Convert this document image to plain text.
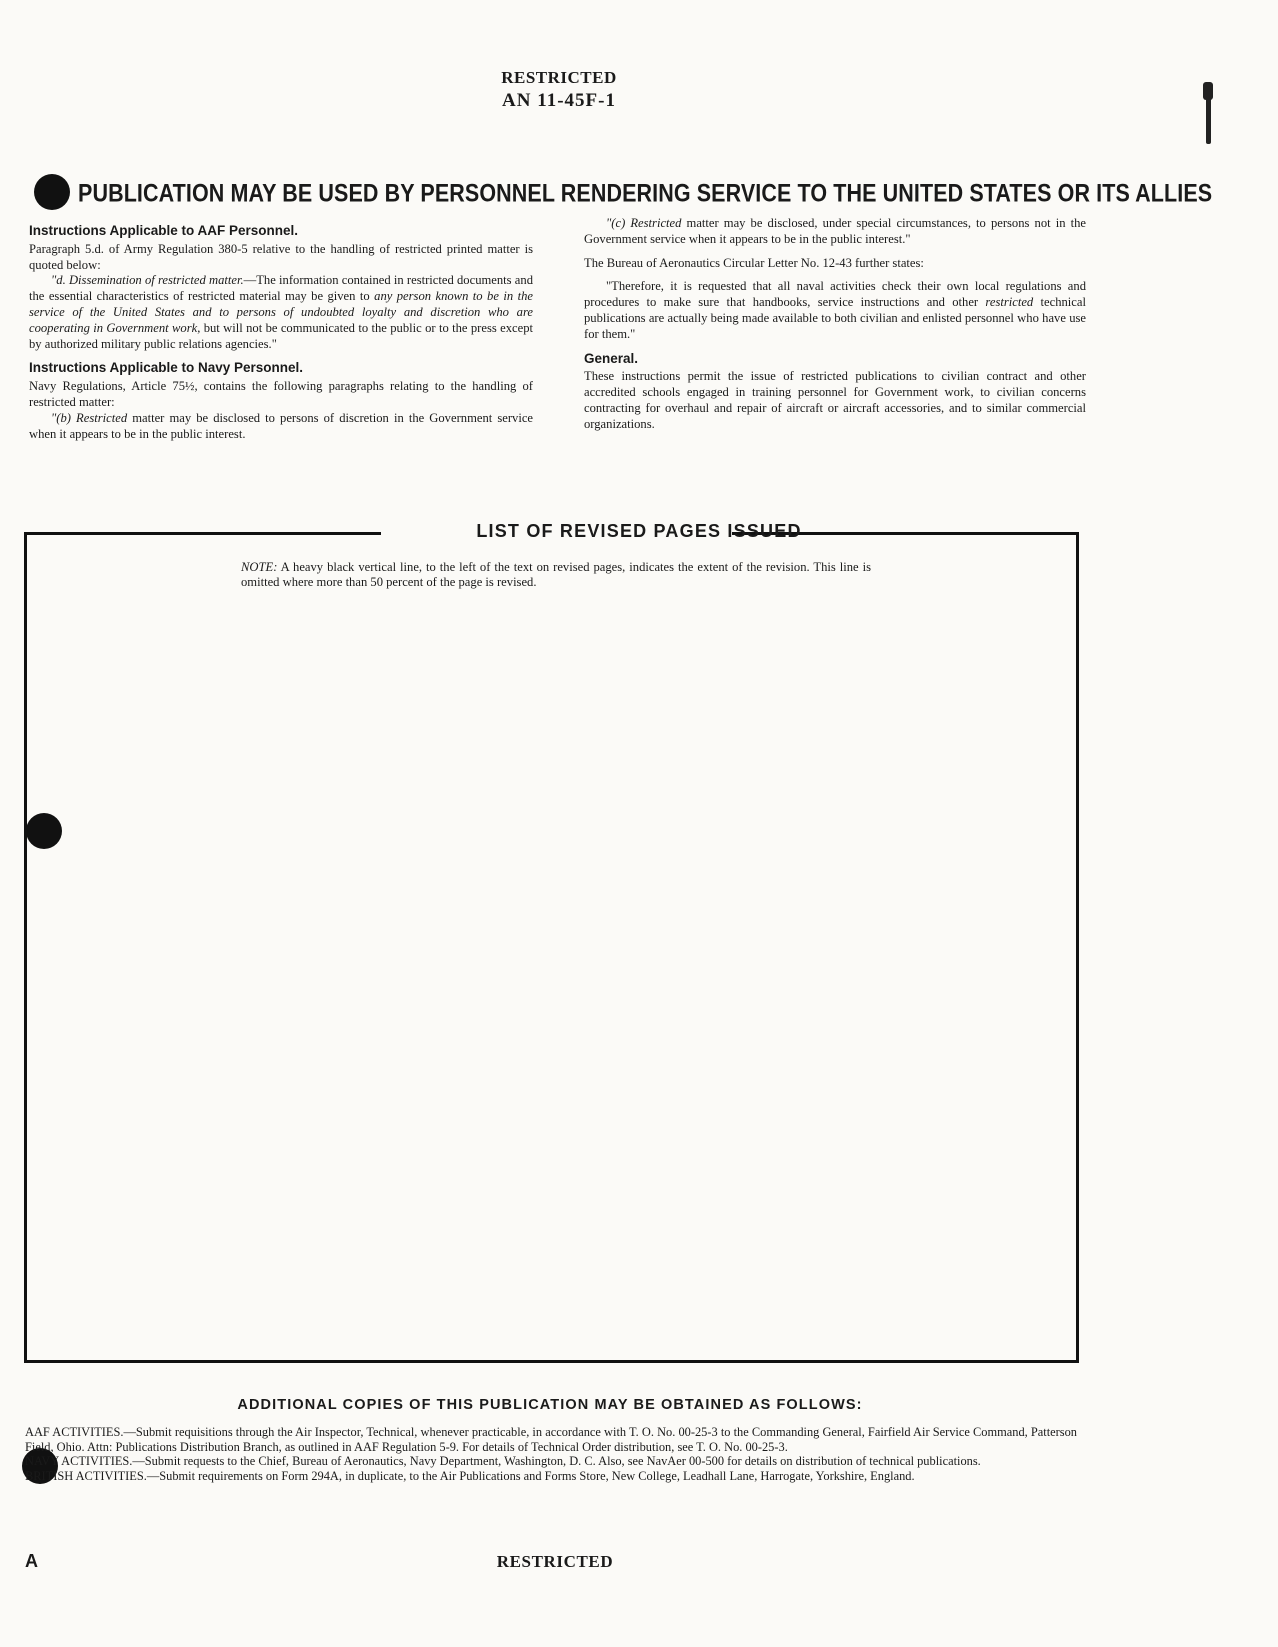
RESTRICTED
AN 11-45F-1
PUBLICATION MAY BE USED BY PERSONNEL RENDERING SERVICE TO THE UNITED STATES OR ITS ALLIES

Instructions Applicable to AAF Personnel.

Paragraph 5.d. of Army Regulation 380-5 relative to the handling of restricted printed matter is quoted below:

"d. Dissemination of restricted matter.—The information contained in restricted documents and the essential characteristics of restricted material may be given to any person known to be in the service of the United States and to persons of undoubted loyalty and discretion who are cooperating in Government work, but will not be communicated to the public or to the press except by authorized military public relations agencies."

Instructions Applicable to Navy Personnel.

Navy Regulations, Article 75½, contains the following paragraphs relating to the handling of restricted matter:

"(b) Restricted matter may be disclosed to persons of discretion in the Government service when it appears to be in the public interest.

"(c) Restricted matter may be disclosed, under special circumstances, to persons not in the Government service when it appears to be in the public interest."

The Bureau of Aeronautics Circular Letter No. 12-43 further states:

"Therefore, it is requested that all naval activities check their own local regulations and procedures to make sure that handbooks, service instructions and other restricted technical publications are actually being made available to both civilian and enlisted personnel who have use for them."

General.

These instructions permit the issue of restricted publications to civilian contract and other accredited schools engaged in training personnel for Government work, to civilian concerns contracting for overhaul and repair of aircraft or aircraft accessories, and to similar commercial organizations.

LIST OF REVISED PAGES ISSUED
NOTE: A heavy black vertical line, to the left of the text on revised pages, indicates the extent of the revision. This line is omitted where more than 50 percent of the page is revised.
ADDITIONAL COPIES OF THIS PUBLICATION MAY BE OBTAINED AS FOLLOWS:

AAF ACTIVITIES.—Submit requisitions through the Air Inspector, Technical, whenever practicable, in accordance with T. O. No. 00-25-3 to the Commanding General, Fairfield Air Service Command, Patterson Field, Ohio. Attn: Publications Distribution Branch, as outlined in AAF Regulation 5-9. For details of Technical Order distribution, see T. O. No. 00-25-3.

NAVY ACTIVITIES.—Submit requests to the Chief, Bureau of Aeronautics, Navy Department, Washington, D. C. Also, see NavAer 00-500 for details on distribution of technical publications.

BRITISH ACTIVITIES.—Submit requirements on Form 294A, in duplicate, to the Air Publications and Forms Store, New College, Leadhall Lane, Harrogate, Yorkshire, England.

A	RESTRICTED
